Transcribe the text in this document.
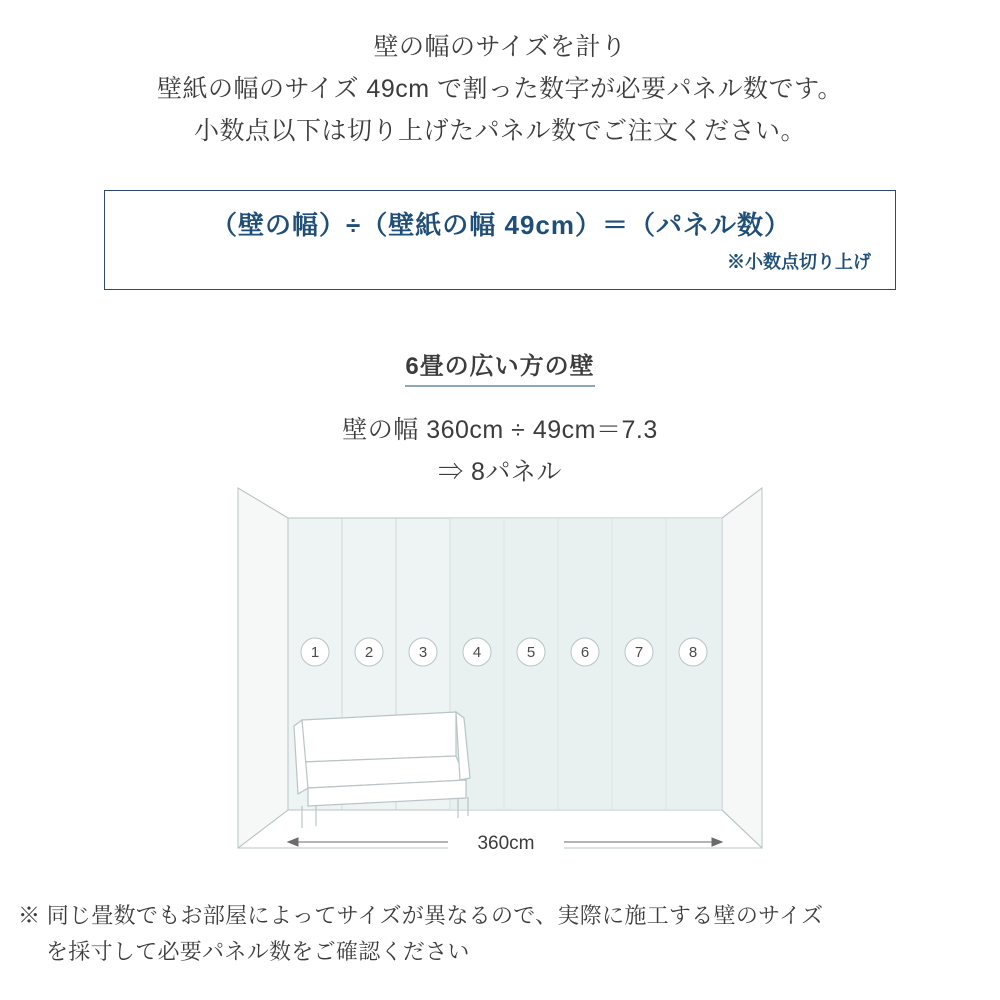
壁の幅のサイズを計り
壁紙の幅のサイズ 49cm で割った数字が必要パネル数です。
小数点以下は切り上げたパネル数でご注文ください。
（壁の幅）÷（壁紙の幅 49cm）＝（パネル数）
※小数点切り上げ
6畳の広い方の壁
壁の幅 360cm ÷ 49cm＝7.3
⇒ 8パネル
1	2	3	4	5	6	7	8
360cm
※ 同じ畳数でもお部屋によってサイズが異なるので、実際に施工する壁のサイズ
を採寸して必要パネル数をご確認ください
